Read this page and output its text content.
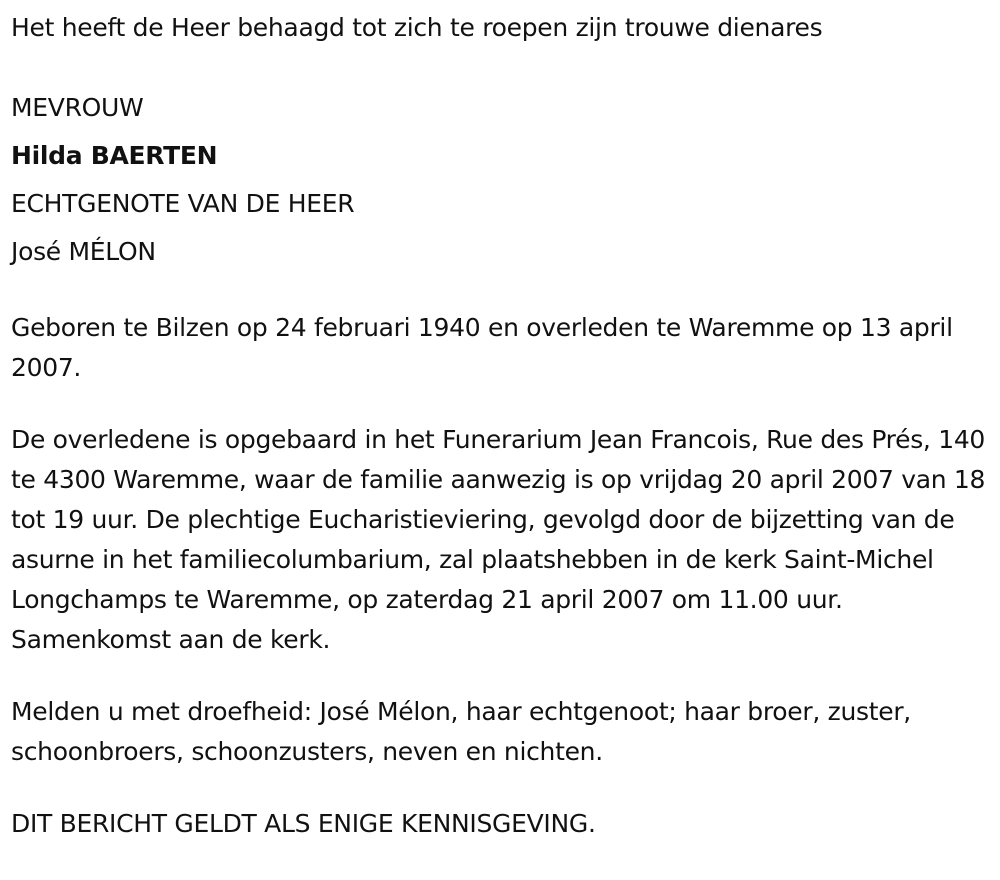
Het heeft de Heer behaagd tot zich te roepen zijn trouwe dienares

MEVROUW

Hilda BAERTEN

ECHTGENOTE VAN DE HEER

José MÉLON

Geboren te Bilzen op 24 februari 1940 en overleden te Waremme op 13 april 2007.

De overledene is opgebaard in het Funerarium Jean Francois, Rue des Prés, 140 te 4300 Waremme, waar de familie aanwezig is op vrijdag 20 april 2007 van 18 tot 19 uur. De plechtige Eucharistieviering, gevolgd door de bijzetting van de asurne in het familiecolumbarium, zal plaatshebben in de kerk Saint-Michel Longchamps te Waremme, op zaterdag 21 april 2007 om 11.00 uur. Samenkomst aan de kerk.

Melden u met droefheid: José Mélon, haar echtgenoot; haar broer, zuster, schoonbroers, schoonzusters, neven en nichten.

DIT BERICHT GELDT ALS ENIGE KENNISGEVING.
